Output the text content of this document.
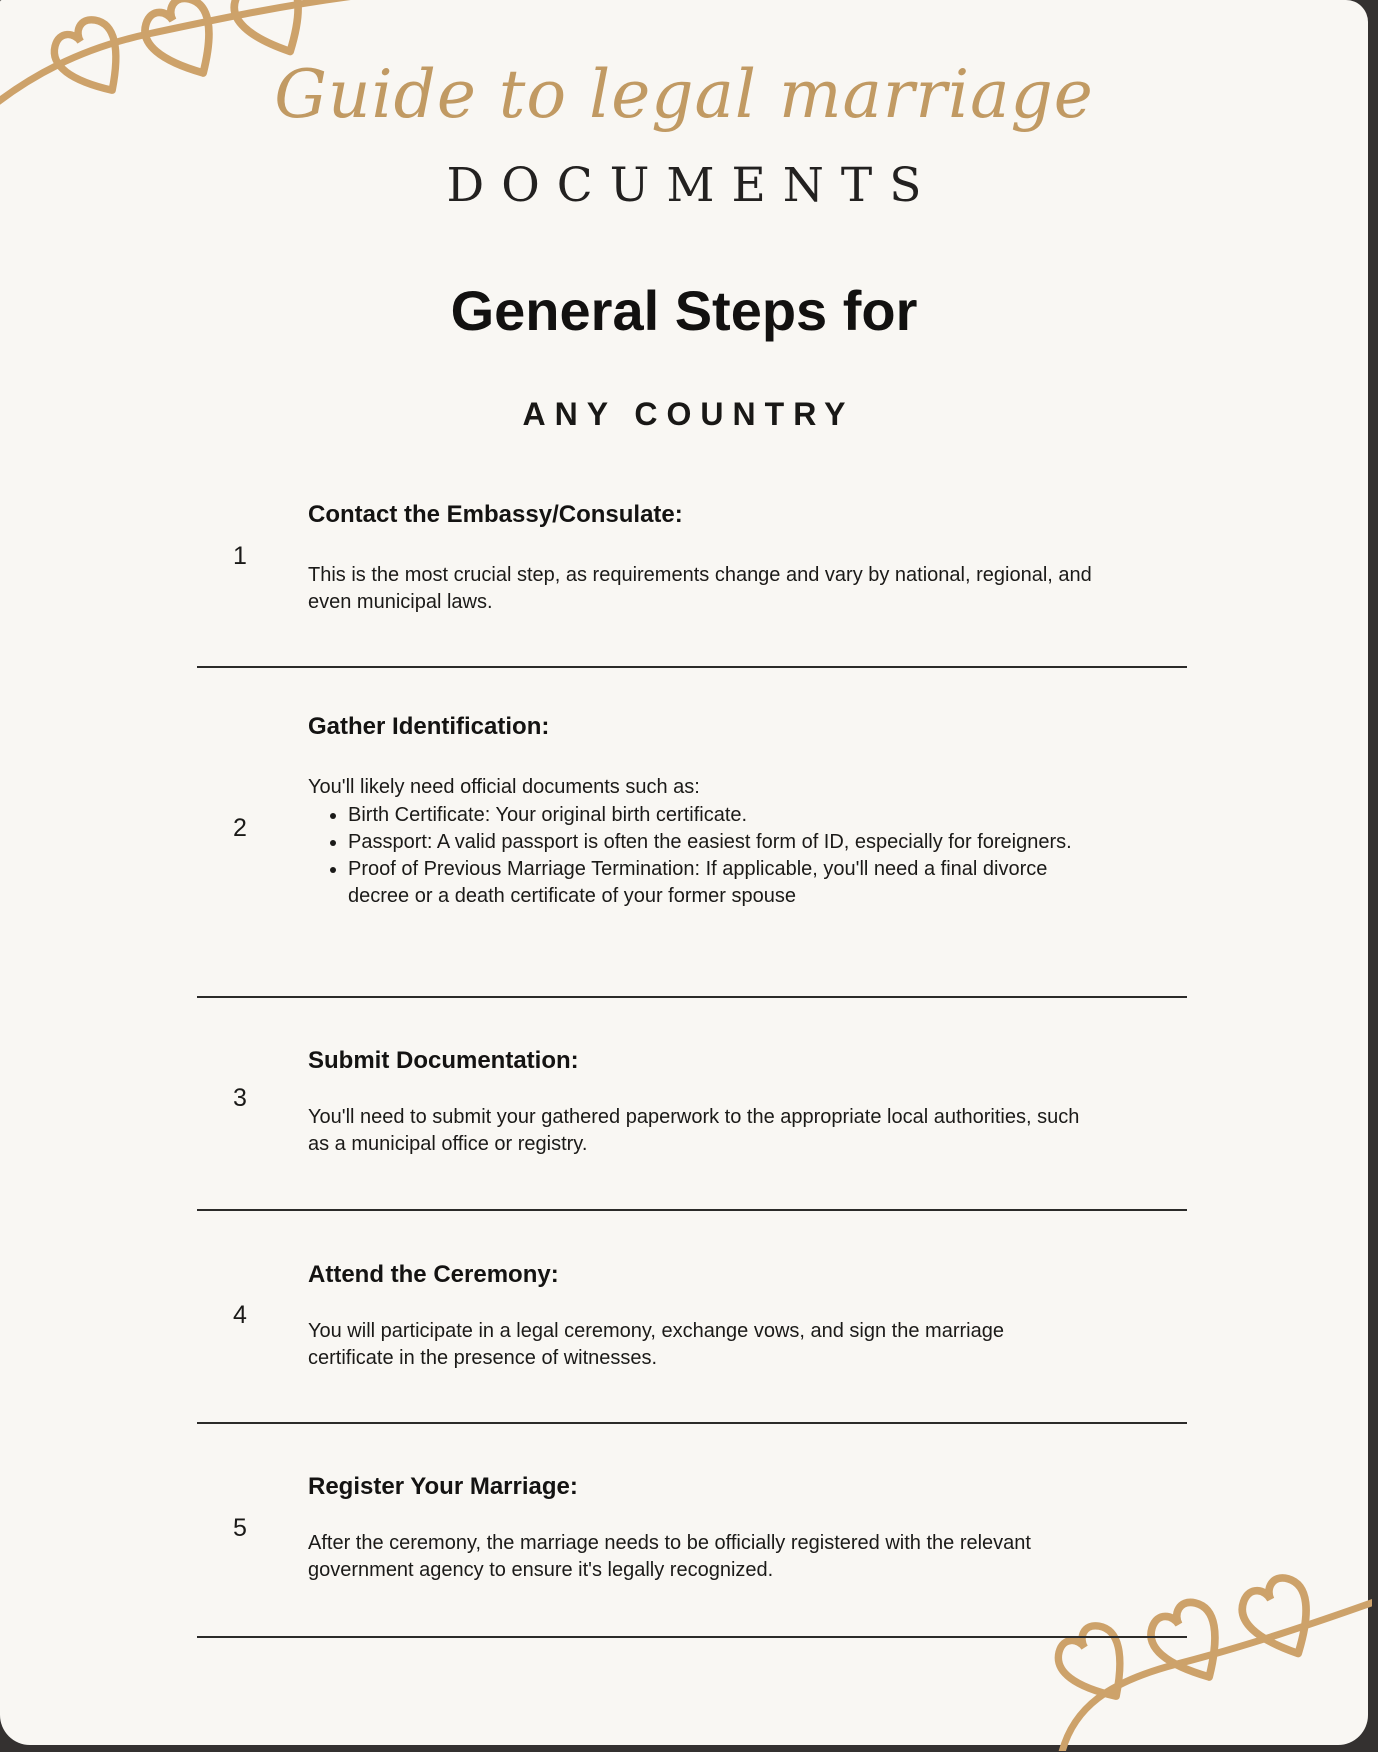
Guide to legal marriage
DOCUMENTS
General Steps for
ANY COUNTRY
1
Contact the Embassy/Consulate:
This is the most crucial step, as requirements change and vary by national, regional, and even municipal laws.
2
Gather Identification:
You'll likely need official documents such as:
• Birth Certificate: Your original birth certificate.
• Passport: A valid passport is often the easiest form of ID, especially for foreigners.
• Proof of Previous Marriage Termination: If applicable, you'll need a final divorce decree or a death certificate of your former spouse
3
Submit Documentation:
You'll need to submit your gathered paperwork to the appropriate local authorities, such as a municipal office or registry.
4
Attend the Ceremony:
You will participate in a legal ceremony, exchange vows, and sign the marriage certificate in the presence of witnesses.
5
Register Your Marriage:
After the ceremony, the marriage needs to be officially registered with the relevant government agency to ensure it's legally recognized.
